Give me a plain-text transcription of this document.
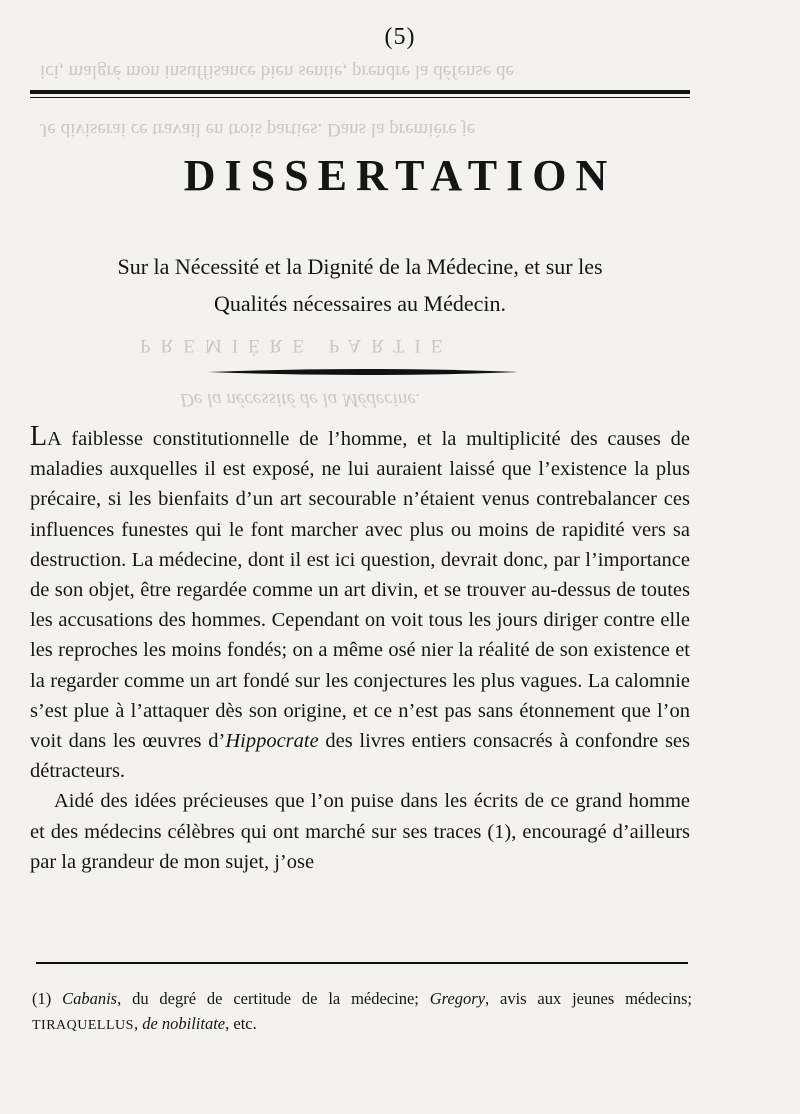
ici, malgré mon insuffisance bien sentie, prendre la défense de
Je diviserai ce travail en trois parties. Dans la première je
PREMIÈRE PARTIE
De la nécessité de la Médecine.
(5)
DISSERTATION
Sur la Nécessité et la Dignité de la Médecine, et sur les
Qualités nécessaires au Médecin.

LA faiblesse constitutionnelle de l’homme, et la multiplicité des causes de maladies auxquelles il est exposé, ne lui auraient laissé que l’existence la plus précaire, si les bienfaits d’un art secourable n’étaient venus contrebalancer ces influences funestes qui le font marcher avec plus ou moins de rapidité vers sa destruction. La médecine, dont il est ici question, devrait donc, par l’importance de son objet, être regardée comme un art divin, et se trouver au-dessus de toutes les accusations des hommes. Cependant on voit tous les jours diriger contre elle les reproches les moins fondés; on a même osé nier la réalité de son existence et la regarder comme un art fondé sur les conjectures les plus vagues. La calomnie s’est plue à l’attaquer dès son origine, et ce n’est pas sans étonnement que l’on voit dans les œuvres d’Hippocrate des livres entiers consacrés à confondre ses détracteurs.

Aidé des idées précieuses que l’on puise dans les écrits de ce grand homme et des médecins célèbres qui ont marché sur ses traces (1), encouragé d’ailleurs par la grandeur de mon sujet, j’ose

(1) Cabanis, du degré de certitude de la médecine; Gregory, avis aux jeunes médecins; TIRAQUELLUS, de nobilitate, etc.
